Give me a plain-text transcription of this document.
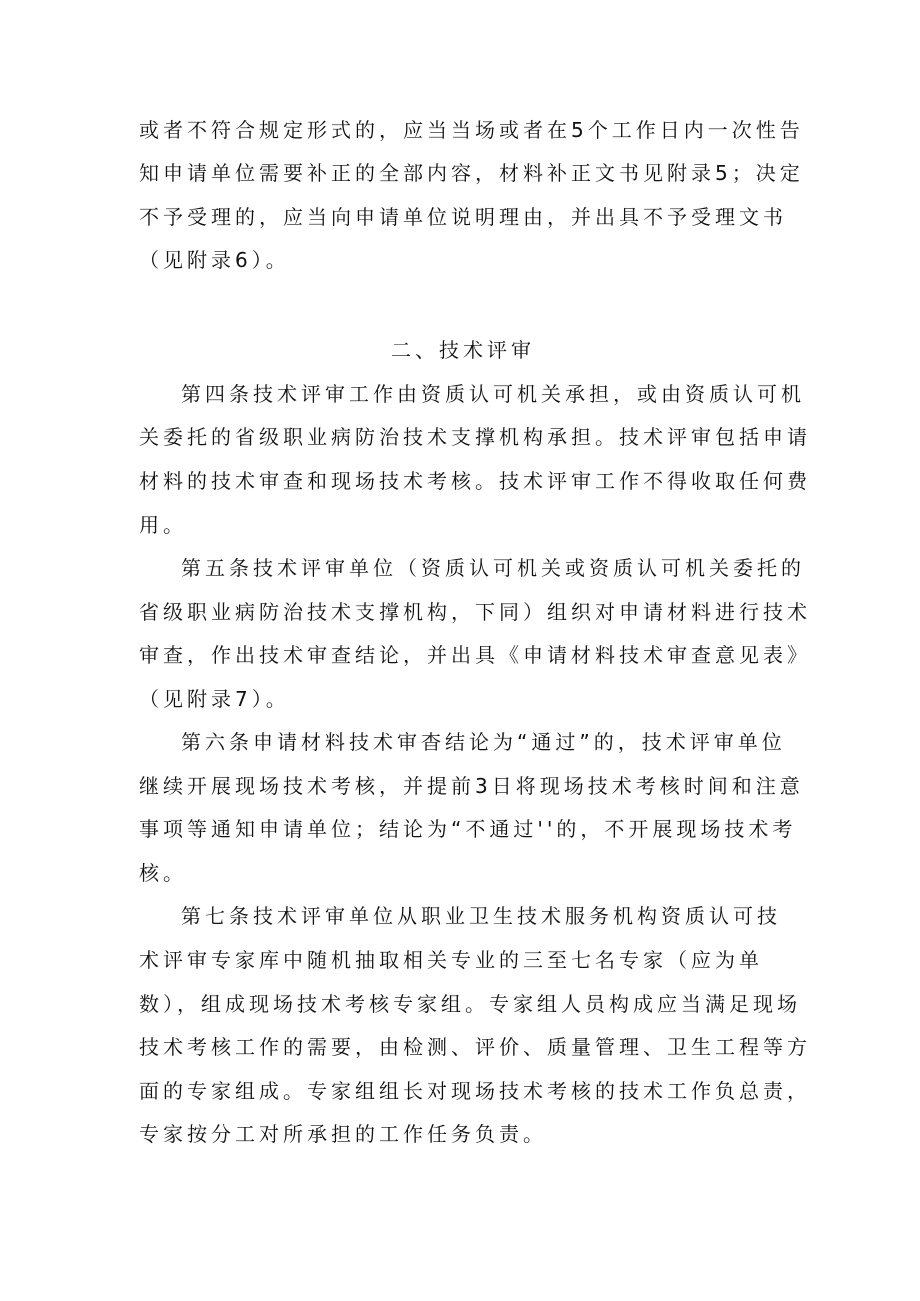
或者不符合规定形式的，应当当场或者在5个工作日内一次性告
知申请单位需要补正的全部内容，材料补正文书见附录5；决定
不予受理的，应当向申请单位说明理由，并出具不予受理文书
（见附录6）。
二、技术评审
第四条技术评审工作由资质认可机关承担，或由资质认可机
关委托的省级职业病防治技术支撑机构承担。技术评审包括申请
材料的技术审查和现场技术考核。技术评审工作不得收取任何费
用。
第五条技术评审单位（资质认可机关或资质认可机关委托的
省级职业病防治技术支撑机构，下同）组织对申请材料进行技术
审查，作出技术审查结论，并出具《申请材料技术审查意见表》
（见附录7）。
第六条申请材料技术审杳结论为“通过”的，技术评审单位
继续开展现场技术考核，并提前3日将现场技术考核时间和注意
事项等通知申请单位；结论为“不通过''的，不开展现场技术考
核。
第七条技术评审单位从职业卫生技术服务机构资质认可技
术评审专家库中随机抽取相关专业的三至七名专家（应为单
数），组成现场技术考核专家组。专家组人员构成应当满足现场
技术考核工作的需要，由检测、评价、质量管理、卫生工程等方
面的专家组成。专家组组长对现场技术考核的技术工作负总责，
专家按分工对所承担的工作任务负责。
